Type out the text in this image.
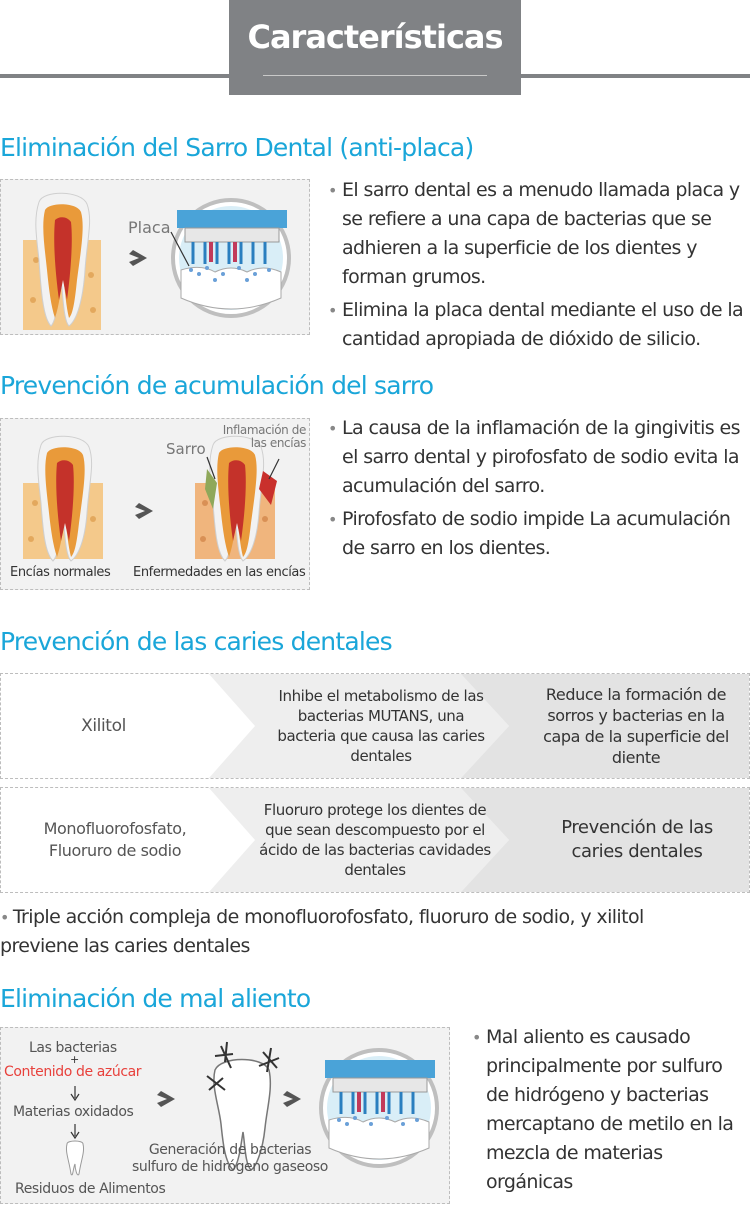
Características
Eliminación del Sarro Dental (anti-placa)
Placa
• El sarro dental es a menudo llamada placa y se refiere a una capa de bacterias que se adhieren a la superficie de los dientes y forman grumos.
• Elimina la placa dental mediante el uso de la cantidad apropiada de dióxido de silicio.
Prevención de acumulación del sarro
Sarro
Inflamación de las encías
Encías normales Enfermedades en las encías
• La causa de la inflamación de la gingivitis es el sarro dental y pirofosfato de sodio evita la acumulación del sarro.
• Pirofosfato de sodio impide La acumulación de sarro en los dientes.
Prevención de las caries dentales
Xilitol
Inhibe el metabolismo de las bacterias MUTANS, una bacteria que causa las caries dentales
Reduce la formación de sorros y bacterias en la capa de la superficie del diente
Monofluorofosfato, Fluoruro de sodio
Fluoruro protege los dientes de que sean descompuesto por el ácido de las bacterias cavidades dentales
Prevención de las caries dentales
• Triple acción compleja de monofluorofosfato, fluoruro de sodio, y xilitol previene las caries dentales
Eliminación de mal aliento
Las bacterias
+
Contenido de azúcar
Materias oxidados
Residuos de Alimentos
Generación de bacterias sulfuro de hidrógeno gaseoso
• Mal aliento es causado principalmente por sulfuro de hidrógeno y bacterias mercaptano de metilo en la mezcla de materias orgánicas
